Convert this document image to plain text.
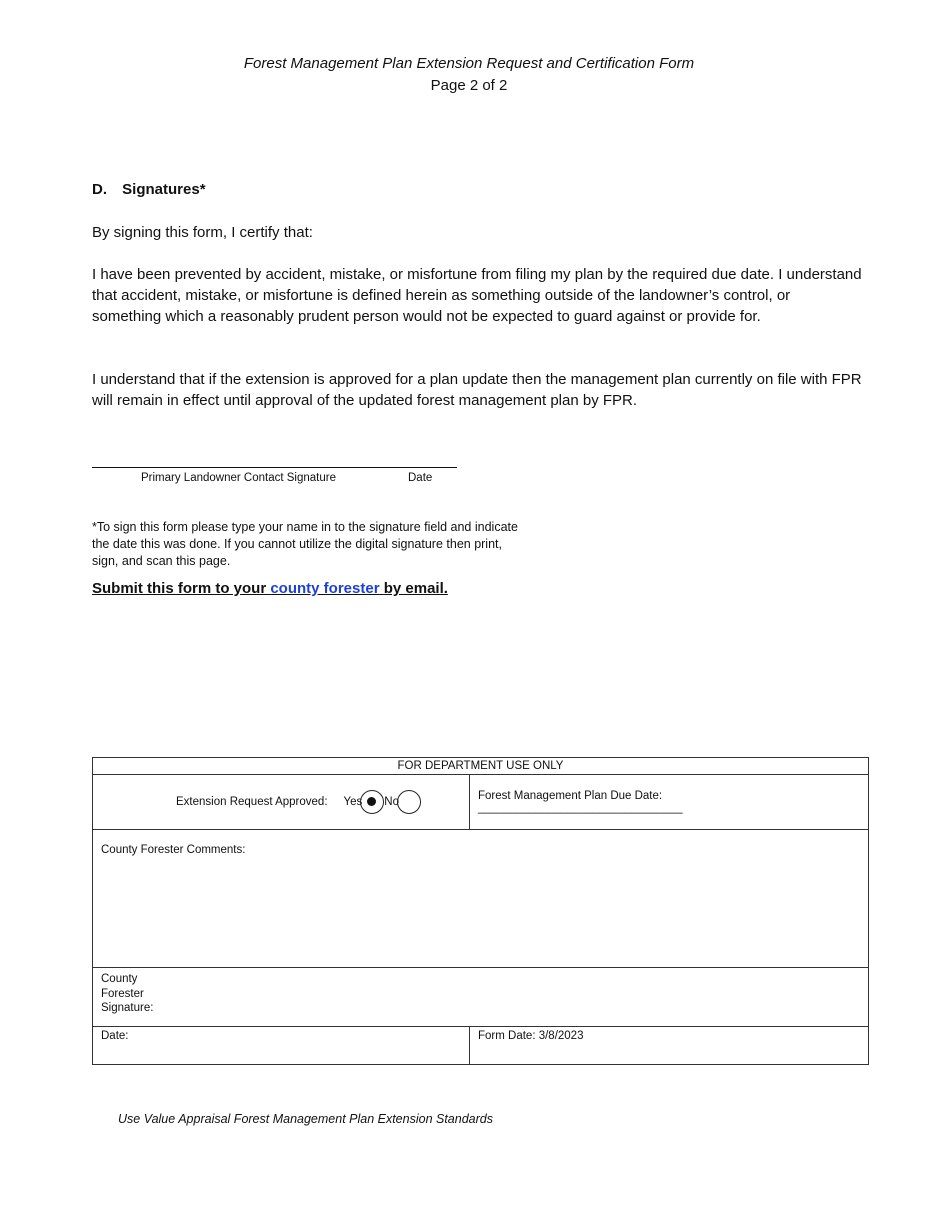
Forest Management Plan Extension Request and Certification Form
Page 2 of 2
D. Signatures*
By signing this form, I certify that:
I have been prevented by accident, mistake, or misfortune from filing my plan by the required due date. I understand that accident, mistake, or misfortune is defined herein as something outside of the landowner’s control, or something which a reasonably prudent person would not be expected to guard against or provide for.
I understand that if the extension is approved for a plan update then the management plan currently on file with FPR will remain in effect until approval of the updated forest management plan by FPR.
Primary Landowner Contact Signature	Date
*To sign this form please type your name in to the signature field and indicate the date this was done. If you cannot utilize the digital signature then print, sign, and scan this page.
Submit this form to your county forester by email.
FOR DEPARTMENT USE ONLY	

Extension Request Approved: Yes No	Forest Management Plan Due Date: ________________________________
County Forester Comments:	

County
Forester
Signature:	

Date:	Form Date: 3/8/2023
Use Value Appraisal Forest Management Plan Extension Standards
